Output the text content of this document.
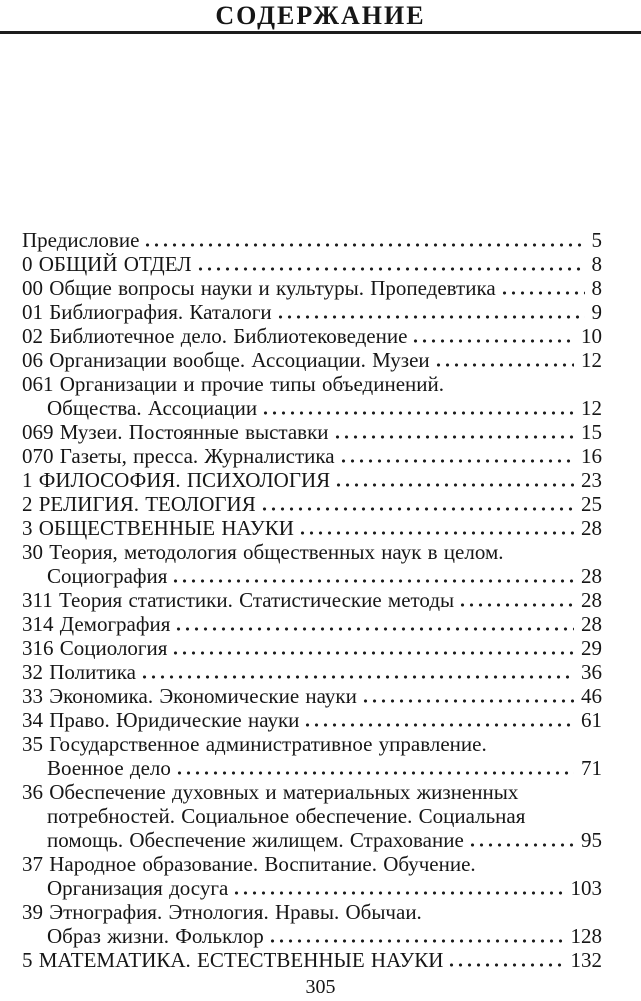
СОДЕРЖАНИЕ
Предисловие	5
0 ОБЩИЙ ОТДЕЛ	8
00 Общие вопросы науки и культуры. Пропедевтика	8
01 Библиография. Каталоги	9
02 Библиотечное дело. Библиотековедение	10
06 Организации вообще. Ассоциации. Музеи	12
061 Организации и прочие типы объединений.
Общества. Ассоциации	12
069 Музеи. Постоянные выставки	15
070 Газеты, пресса. Журналистика	16
1 ФИЛОСОФИЯ. ПСИХОЛОГИЯ	23
2 РЕЛИГИЯ. ТЕОЛОГИЯ	25
3 ОБЩЕСТВЕННЫЕ НАУКИ	28
30 Теория, методология общественных наук в целом.
Социография	28
311 Теория статистики. Статистические методы	28
314 Демография	28
316 Социология	29
32 Политика	36
33 Экономика. Экономические науки	46
34 Право. Юридические науки	61
35 Государственное административное управление.
Военное дело	71
36 Обеспечение духовных и материальных жизненных
потребностей. Социальное обеспечение. Социальная
помощь. Обеспечение жилищем. Страхование	95
37 Народное образование. Воспитание. Обучение.
Организация досуга	103
39 Этнография. Этнология. Нравы. Обычаи.
Образ жизни. Фольклор	128
5 МАТЕМАТИКА. ЕСТЕСТВЕННЫЕ НАУКИ	132
305
